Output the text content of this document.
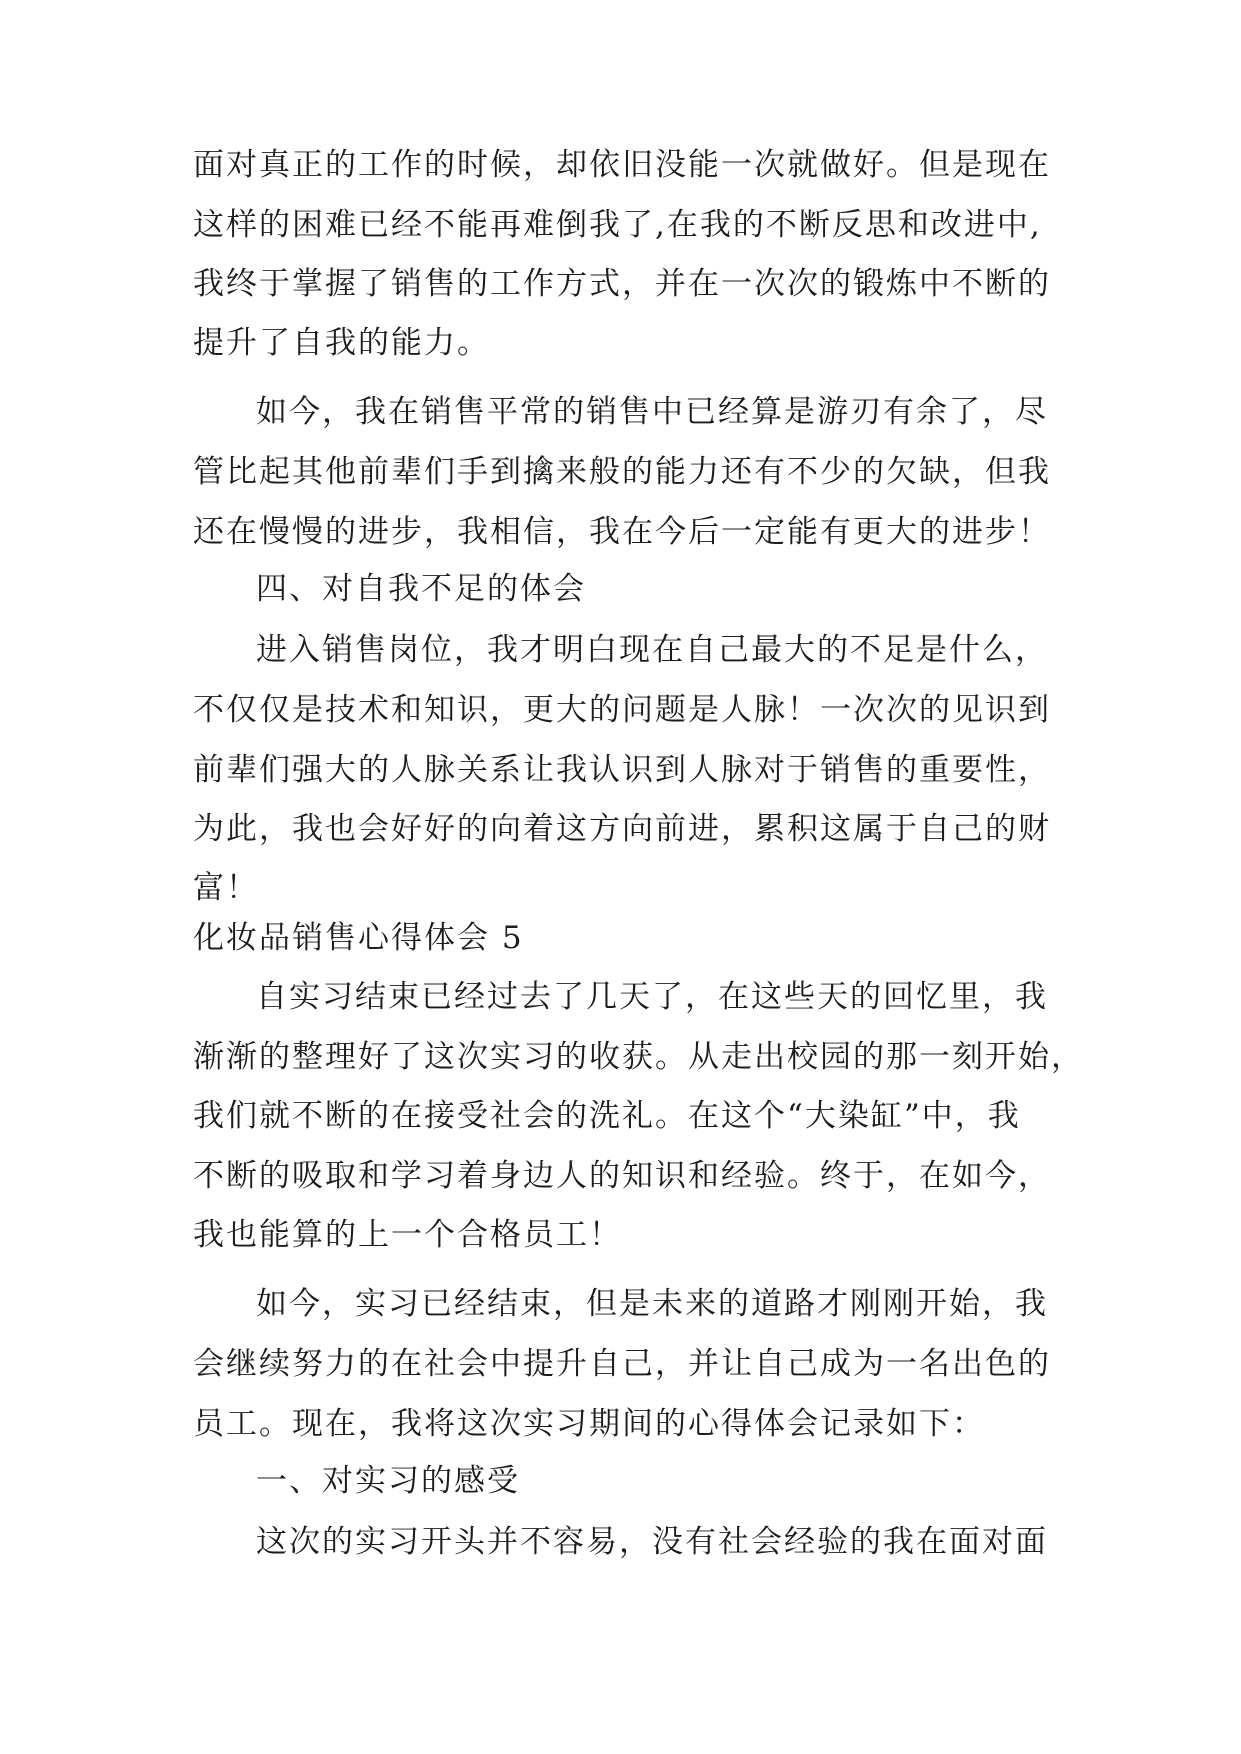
面对真正的工作的时候，却依旧没能一次就做好。但是现在
这样的困难已经不能再难倒我了,在我的不断反思和改进中,
我终于掌握了销售的工作方式，并在一次次的锻炼中不断的
提升了自我的能力。
如今，我在销售平常的销售中已经算是游刃有余了，尽
管比起其他前辈们手到擒来般的能力还有不少的欠缺，但我
还在慢慢的进步，我相信，我在今后一定能有更大的进步！
四、对自我不足的体会
进入销售岗位，我才明白现在自己最大的不足是什么，
不仅仅是技术和知识，更大的问题是人脉！一次次的见识到
前辈们强大的人脉关系让我认识到人脉对于销售的重要性，
为此，我也会好好的向着这方向前进，累积这属于自己的财
富！
化妆品销售心得体会 5
自实习结束已经过去了几天了，在这些天的回忆里，我
渐渐的整理好了这次实习的收获。从走出校园的那一刻开始，
我们就不断的在接受社会的洗礼。在这个“大染缸”中，我
不断的吸取和学习着身边人的知识和经验。终于，在如今，
我也能算的上一个合格员工！
如今，实习已经结束，但是未来的道路才刚刚开始，我
会继续努力的在社会中提升自己，并让自己成为一名出色的
员工。现在，我将这次实习期间的心得体会记录如下：
一、对实习的感受
这次的实习开头并不容易，没有社会经验的我在面对面
